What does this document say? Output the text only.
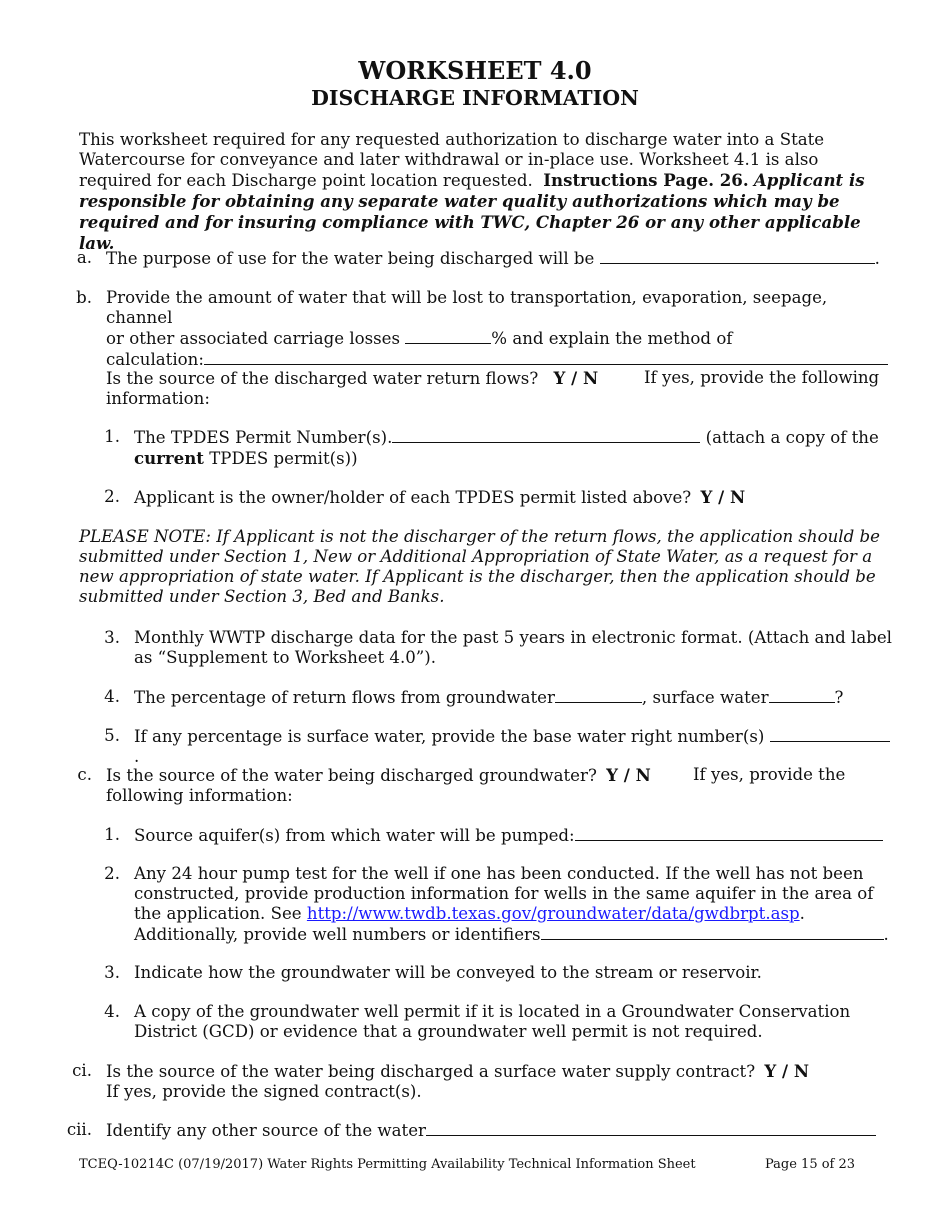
WORKSHEET 4.0
DISCHARGE INFORMATION
This worksheet required for any requested authorization to discharge water into a State Watercourse for conveyance and later withdrawal or in-place use. Worksheet 4.1 is also required for each Discharge point location requested. Instructions Page. 26. Applicant is responsible for obtaining any separate water quality authorizations which may be required and for insuring compliance with TWC, Chapter 26 or any other applicable law.
a. The purpose of use for the water being discharged will be	.
b. Provide the amount of water that will be lost to transportation, evaporation, seepage, channel
or other associated carriage losses	% and explain the method of
calculation:
Is the source of the discharged water return flows? Y / N	If yes, provide the following
information:
1. The TPDES Permit Number(s).	(attach a copy of the
current TPDES permit(s))
2. Applicant is the owner/holder of each TPDES permit listed above? Y / N
PLEASE NOTE: If Applicant is not the discharger of the return flows, the application should be submitted under Section 1, New or Additional Appropriation of State Water, as a request for a new appropriation of state water. If Applicant is the discharger, then the application should be submitted under Section 3, Bed and Banks.
3. Monthly WWTP discharge data for the past 5 years in electronic format. (Attach and label
as “Supplement to Worksheet 4.0”).
4. The percentage of return flows from groundwater	, surface water	?
5. If any percentage is surface water, provide the base water right number(s) .
c. Is the source of the water being discharged groundwater? Y / N	If yes, provide the
following information:
1. Source aquifer(s) from which water will be pumped:
2. Any 24 hour pump test for the well if one has been conducted. If the well has not been
constructed, provide production information for wells in the same aquifer in the area of
the application. See http://www.twdb.texas.gov/groundwater/data/gwdbrpt.asp.
Additionally, provide well numbers or identifiers	.
3. Indicate how the groundwater will be conveyed to the stream or reservoir.
4. A copy of the groundwater well permit if it is located in a Groundwater Conservation
District (GCD) or evidence that a groundwater well permit is not required.
ci. Is the source of the water being discharged a surface water supply contract? Y / N
If yes, provide the signed contract(s).
cii. Identify any other source of the water
TCEQ-10214C (07/19/2017) Water Rights Permitting Availability Technical Information Sheet	Page 15 of 23
